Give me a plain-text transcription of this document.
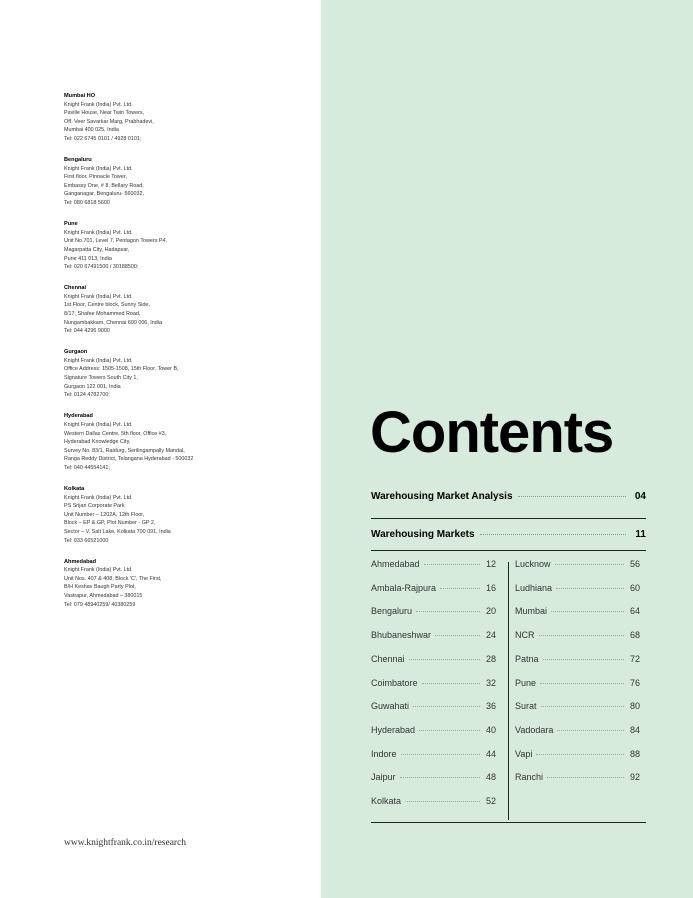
Mumbai HO
Knight Frank (India) Pvt. Ltd.
Paville House, Near Twin Towers,
Off. Veer Savarkar Marg, Prabhadevi,
Mumbai 400 025, India
Tel: 022 6745 0101 / 4928 0101;
Bengaluru
Knight Frank (India) Pvt. Ltd.
First floor, Pinnacle Tower,
Embassy One, # 8, Bellary Road,
Ganganagar, Bengaluru- 560032,
Tel: 080 6818 5600
Pune
Knight Frank (India) Pvt. Ltd.
Unit No.701, Level 7, Pentagon Towers P4,
Magarpatta City, Hadapsar,
Pune 411 013, India
Tel: 020 67491500 / 30188500;
Chennai
Knight Frank (India) Pvt. Ltd.
1st Floor, Centre block, Sunny Side,
8/17, Shafee Mohammed Road,
Nungambakkam, Chennai 600 006, India
Tel: 044 4296 9000
Gurgaon
Knight Frank (India) Pvt. Ltd.
Office Address: 1505-1508, 15th Floor, Tower B,
Signature Towers South City 1,
Gurgaon 122 001, India
Tel: 0124 4782700;
Hyderabad
Knight Frank (India) Pvt. Ltd.
Western Dallas Centre, 5th floor, Office #3,
Hyderabad Knowledge City,
Survey No. 83/1, Raidurg, Serilingampally Mandal,
Ranga Reddy District, Telangana Hyderabad - 500032
Tel: 040 44554141;
Kolkata
Knight Frank (India) Pvt. Ltd.
PS Srijan Corporate Park
Unit Number – 1202A, 12th Floor,
Block – EP & GP, Plot Number - GP 2,
Sector – V, Salt Lake, Kolkata 700 091, India
Tel: 033 66521000
Ahmedabad
Knight Frank (India) Pvt. Ltd.
Unit Nos. 407 & 408, Block 'C', The First,
B/H Keshav Baugh Party Plot,
Vastrapur, Ahmedabad – 380015
Tel: 079 48940259/ 40380259
www.knightfrank.co.in/research
Contents
Warehousing Market Analysis	04
Warehousing Markets	11
Ahmedabad	12
Ambala-Rajpura	16
Bengaluru	20
Bhubaneshwar	24
Chennai	28
Coimbatore	32
Guwahati	36
Hyderabad	40
Indore	44
Jaipur	48
Kolkata	52
Lucknow	56
Ludhiana	60
Mumbai	64
NCR	68
Patna	72
Pune	76
Surat	80
Vadodara	84
Vapi	88
Ranchi	92
